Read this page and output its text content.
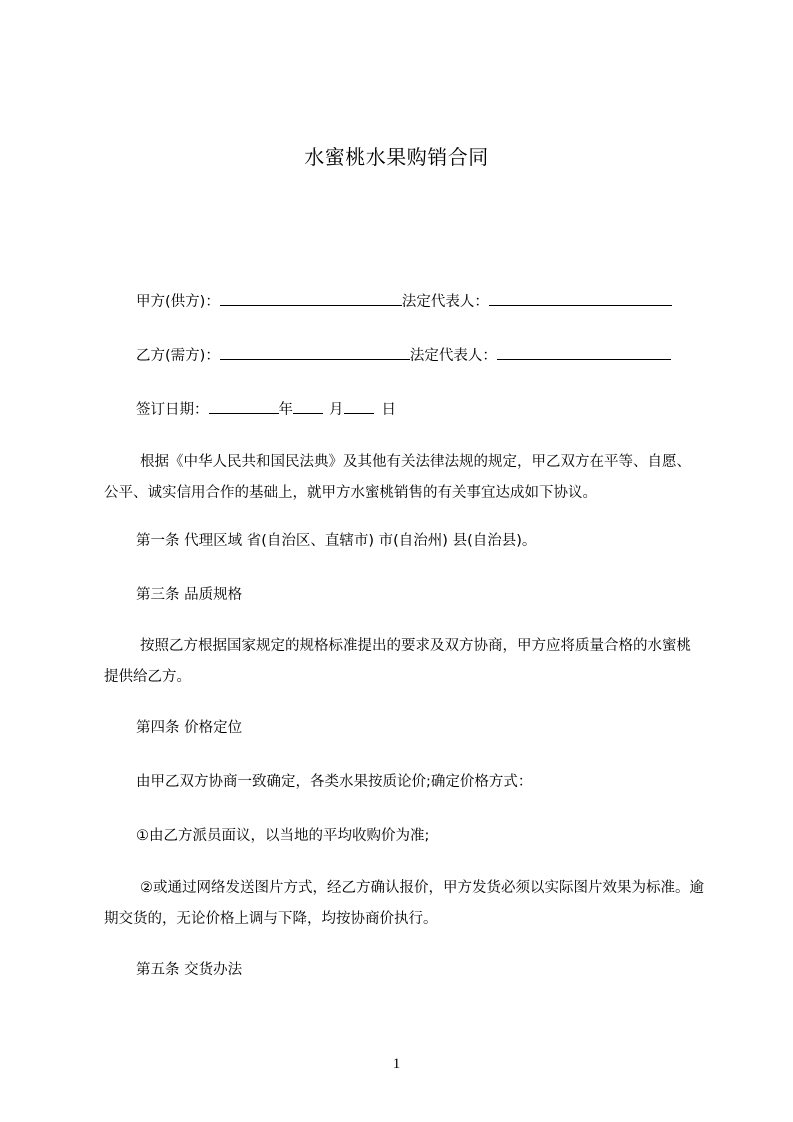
水蜜桃水果购销合同
甲方(供方)：	法定代表人：
乙方(需方)：	法定代表人：
签订日期：	年 月	日
根据《中华人民共和国民法典》及其他有关法律法规的规定，甲乙双方在平等、自愿、公平、诚实信用合作的基础上，就甲方水蜜桃销售的有关事宜达成如下协议。
第一条 代理区域 省(自治区、直辖市) 市(自治州) 县(自治县)。
第三条 品质规格
按照乙方根据国家规定的规格标准提出的要求及双方协商，甲方应将质量合格的水蜜桃提供给乙方。
第四条 价格定位
由甲乙双方协商一致确定，各类水果按质论价;确定价格方式：
①由乙方派员面议，以当地的平均收购价为准;
②或通过网络发送图片方式，经乙方确认报价，甲方发货必须以实际图片效果为标准。逾期交货的，无论价格上调与下降，均按协商价执行。
第五条 交货办法
1
